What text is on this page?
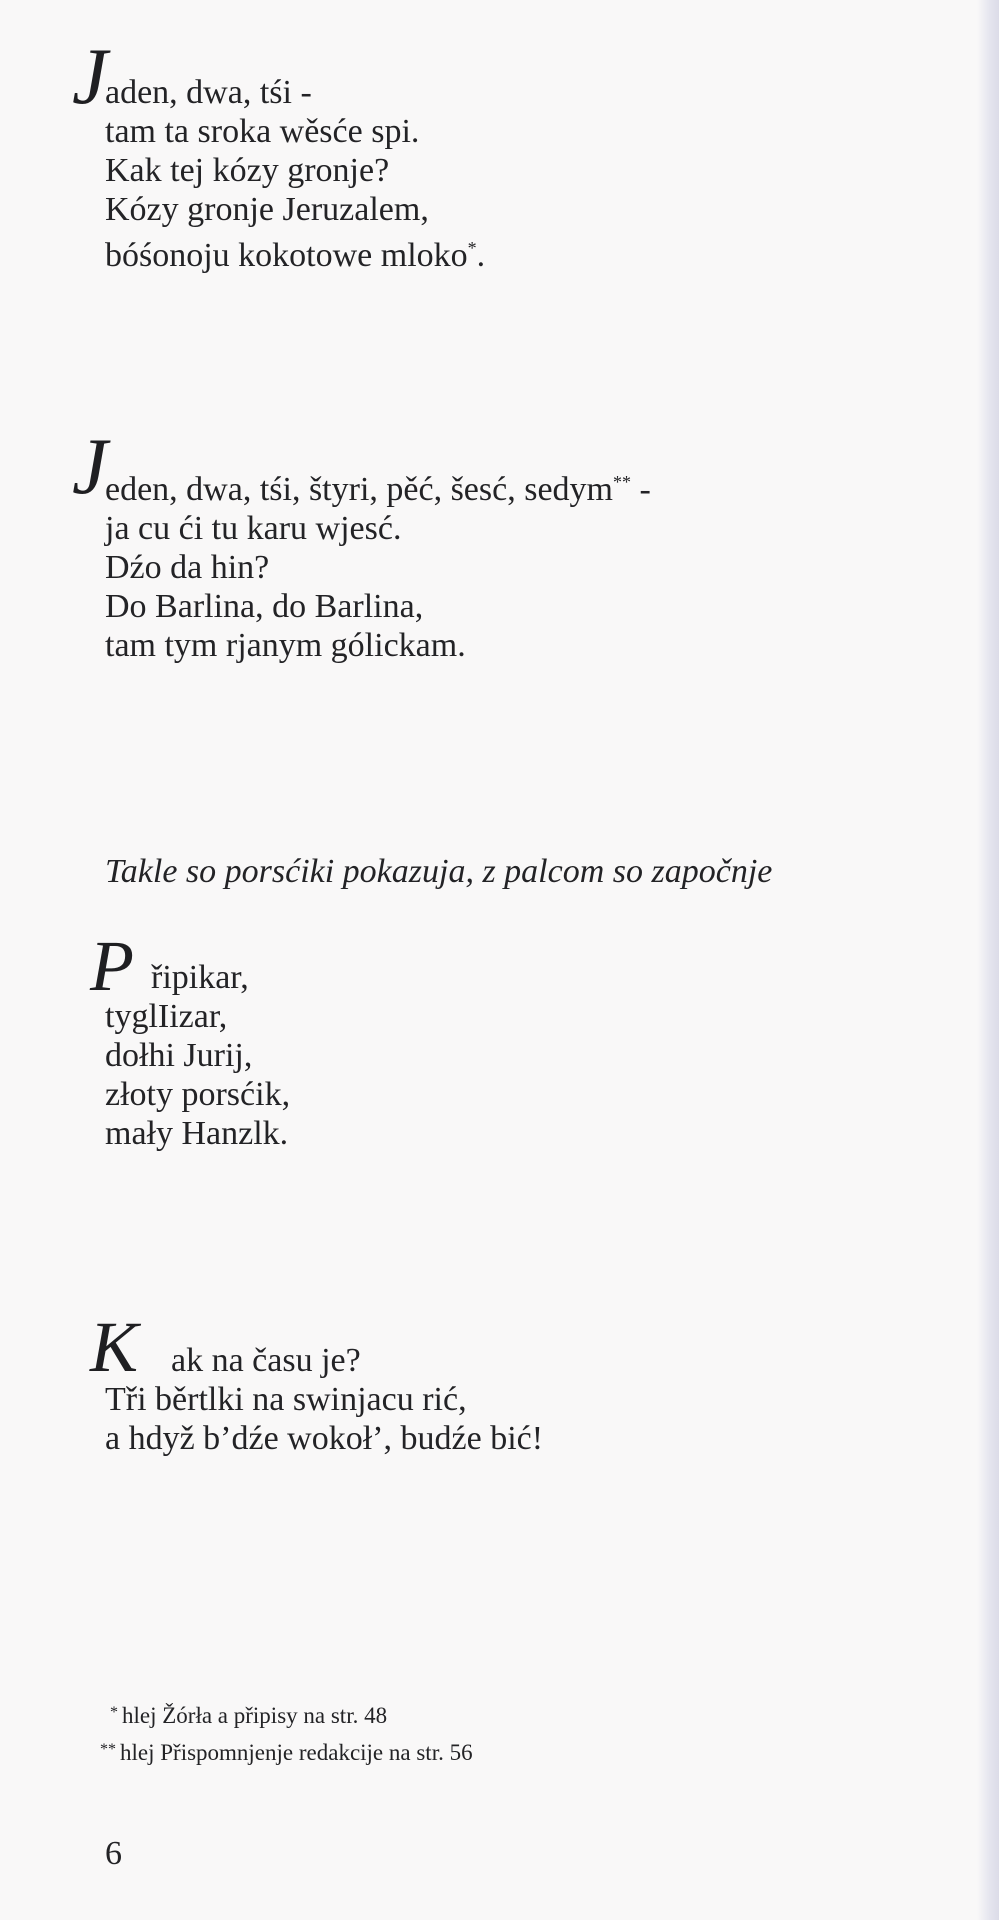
J
aden, dwa, tśi -
tam ta sroka wěsće spi.
Kak tej kózy gronje?
Kózy gronje Jeruzalem,
bóśonoju kokotowe mloko*.
J
eden, dwa, tśi, štyri, pěć, šesć, sedym** -
ja cu ći tu karu wjesć.
Dźo da hin?
Do Barlina, do Barlina,
tam tym rjanym gólickam.
Takle so porsćiki pokazuja, z palcom so započnje
P řipikar,
tyglIizar,
dołhi Jurij,
złoty porsćik,
mały Hanzlk.
K ak na času je?
Tři běrtlki na swinjacu rić,
a hdyž b’dźe wokoł’, budźe bić!
* hlej Žórła a připisy na str. 48
** hlej Přispomnjenje redakcije na str. 56
6
